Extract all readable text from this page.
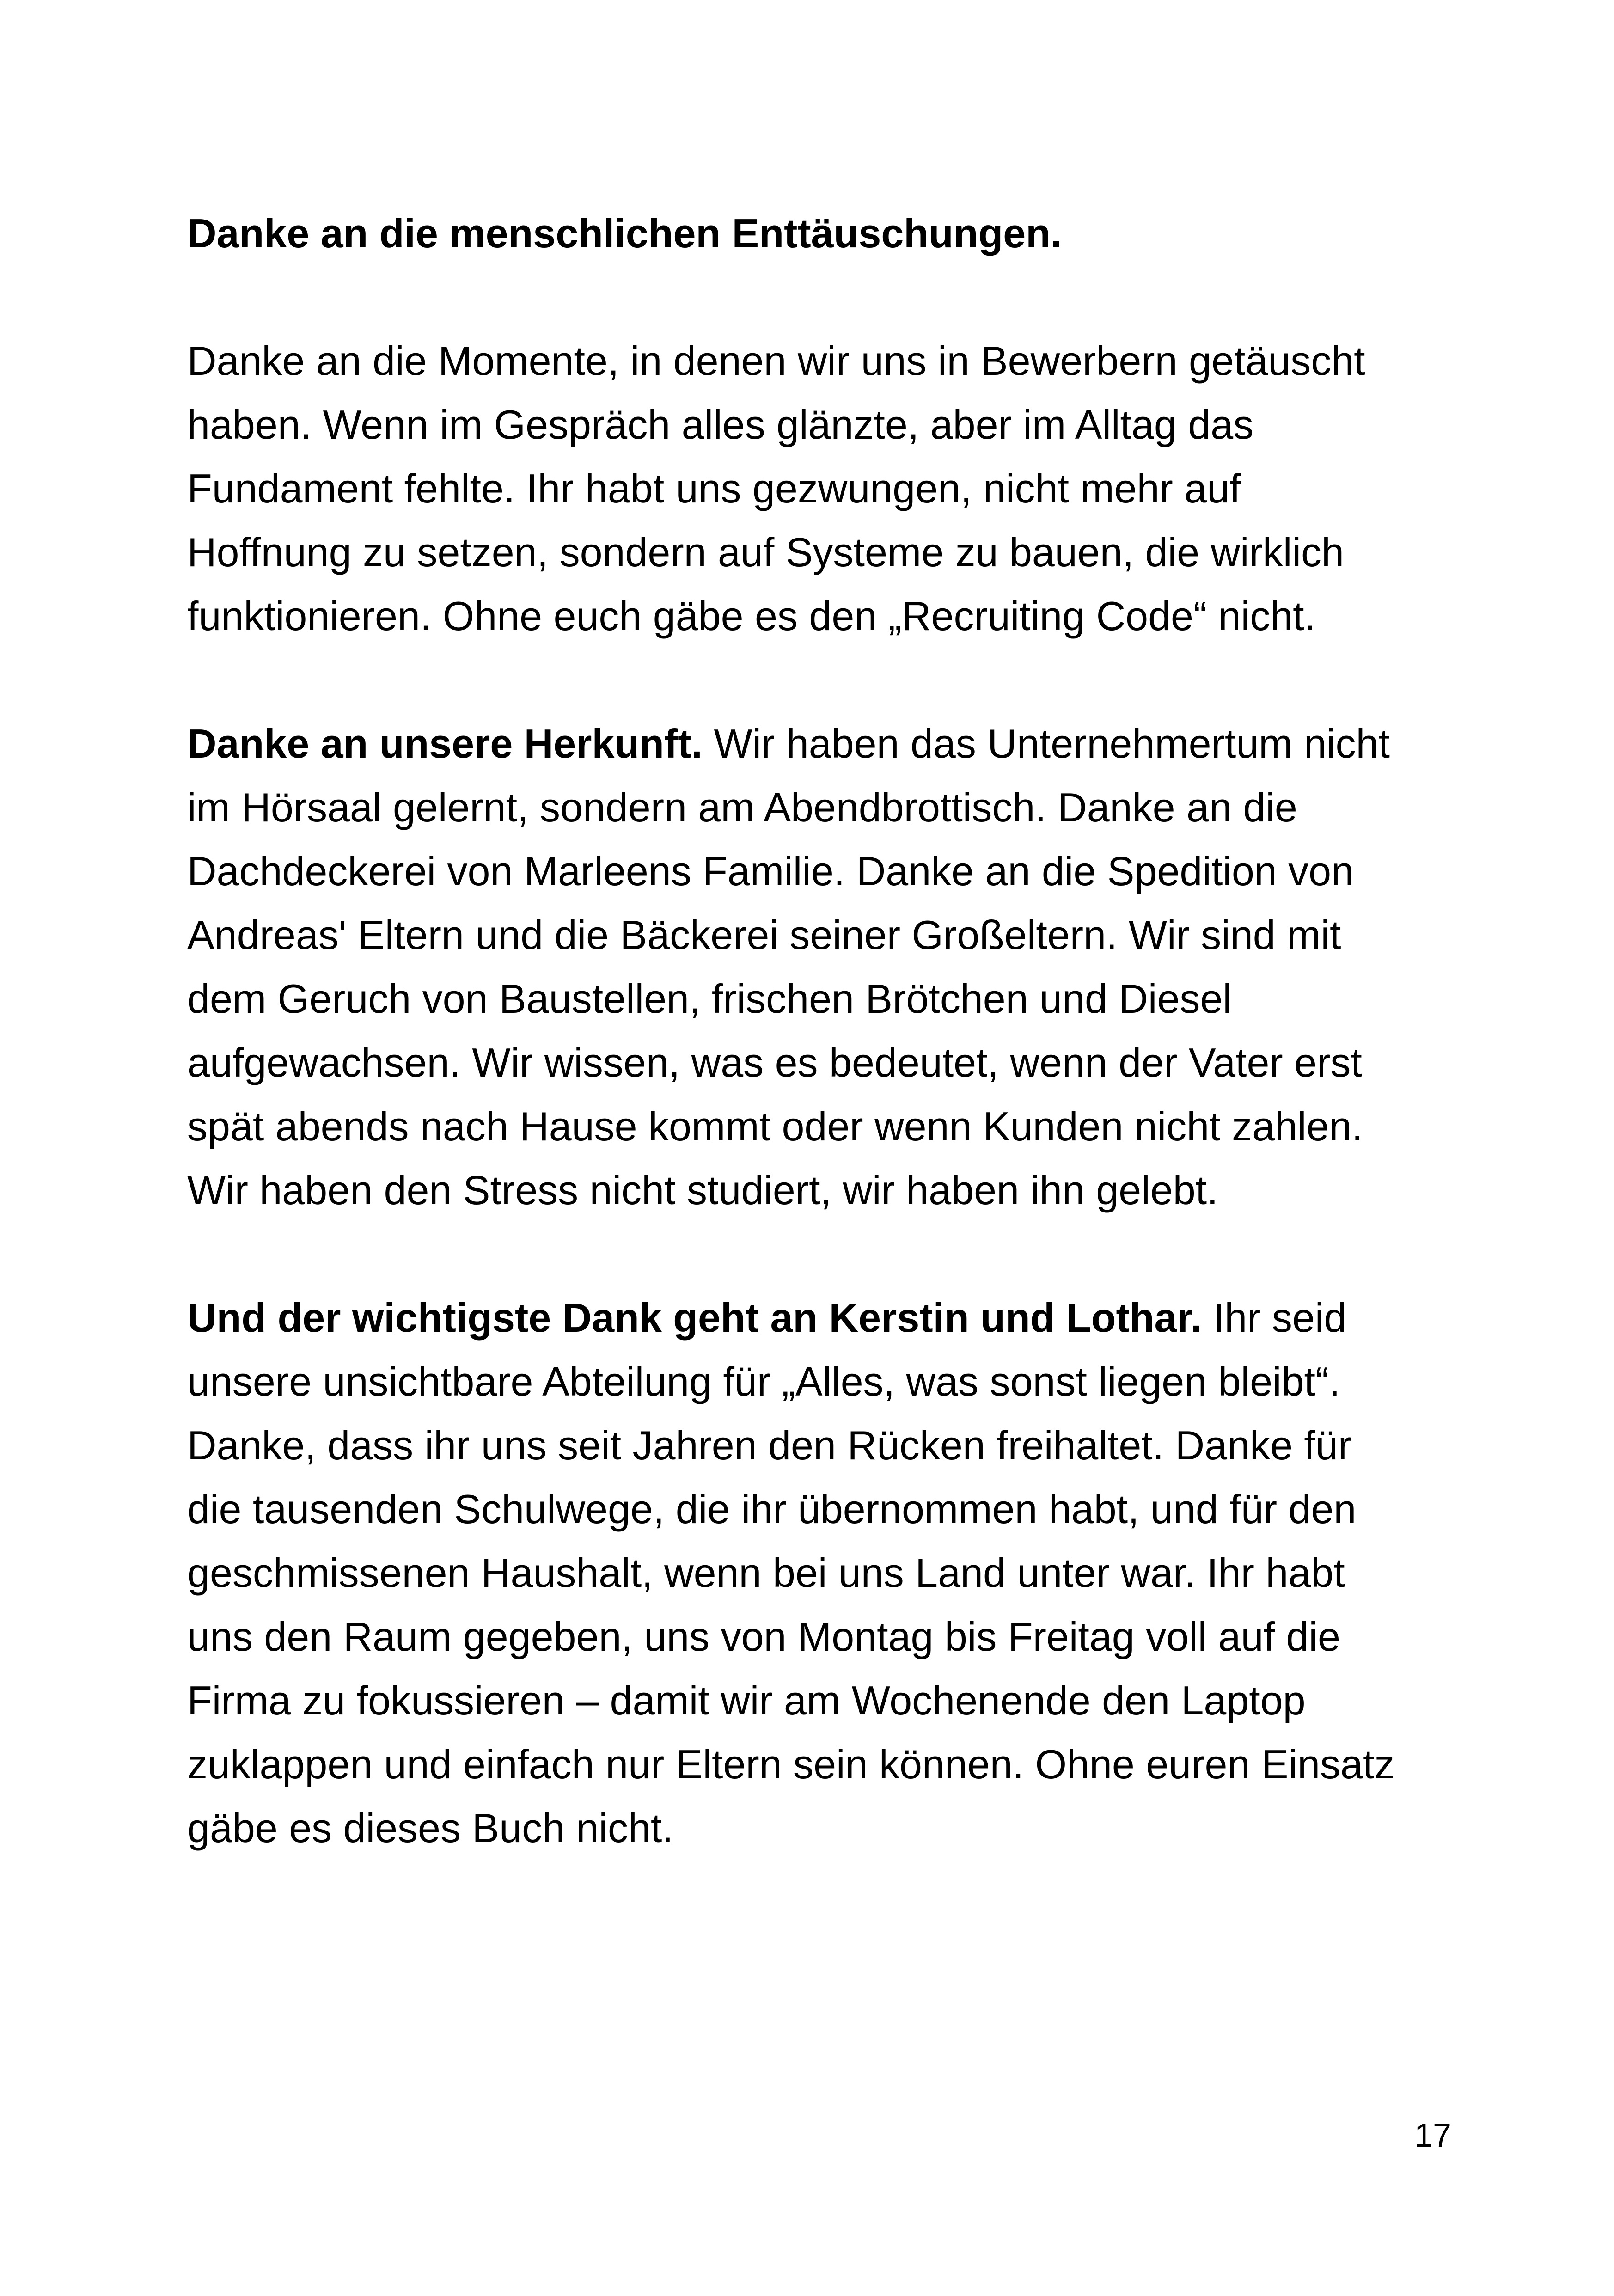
Danke an die menschlichen Enttäuschungen.

Danke an die Momente, in denen wir uns in Bewerbern getäuscht
haben. Wenn im Gespräch alles glänzte, aber im Alltag das
Fundament fehlte. Ihr habt uns gezwungen, nicht mehr auf
Hoffnung zu setzen, sondern auf Systeme zu bauen, die wirklich
funktionieren. Ohne euch gäbe es den „Recruiting Code“ nicht.

Danke an unsere Herkunft. Wir haben das Unternehmertum nicht
im Hörsaal gelernt, sondern am Abendbrottisch. Danke an die
Dachdeckerei von Marleens Familie. Danke an die Spedition von
Andreas' Eltern und die Bäckerei seiner Großeltern. Wir sind mit
dem Geruch von Baustellen, frischen Brötchen und Diesel
aufgewachsen. Wir wissen, was es bedeutet, wenn der Vater erst
spät abends nach Hause kommt oder wenn Kunden nicht zahlen.
Wir haben den Stress nicht studiert, wir haben ihn gelebt.

Und der wichtigste Dank geht an Kerstin und Lothar. Ihr seid
unsere unsichtbare Abteilung für „Alles, was sonst liegen bleibt“.
Danke, dass ihr uns seit Jahren den Rücken freihaltet. Danke für
die tausenden Schulwege, die ihr übernommen habt, und für den
geschmissenen Haushalt, wenn bei uns Land unter war. Ihr habt
uns den Raum gegeben, uns von Montag bis Freitag voll auf die
Firma zu fokussieren – damit wir am Wochenende den Laptop
zuklappen und einfach nur Eltern sein können. Ohne euren Einsatz
gäbe es dieses Buch nicht.

17
